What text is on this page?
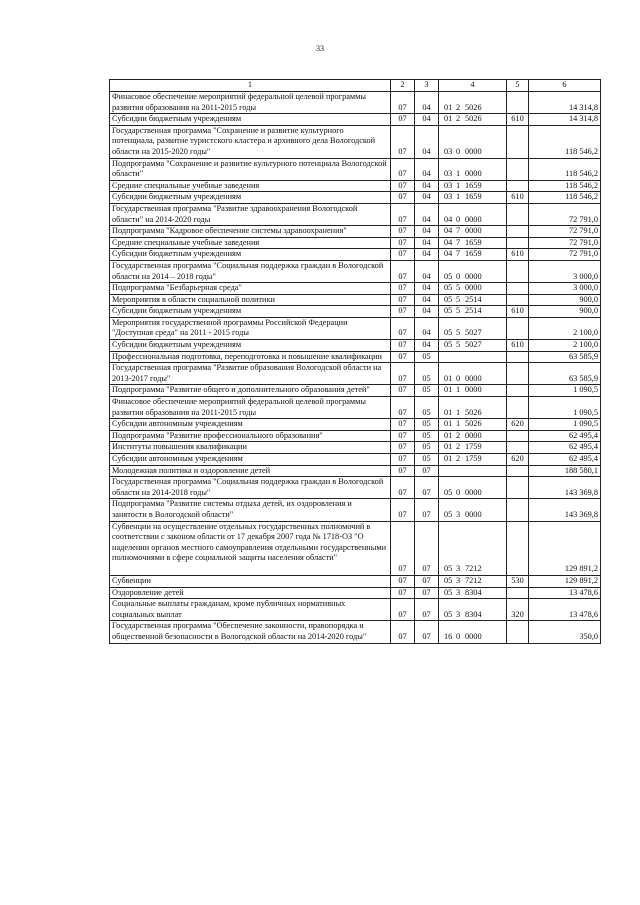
33
1	2	3	4	5	6
Финасовое обеспечение мероприятий федеральной целевой программы развития образования на 2011-2015 годы	07	04	01 2 5026		14 314,8
Субсидии бюджетным учреждениям	07	04	01 2 5026	610	14 314,8
Государственная программа "Сохранение и развитие культурного потенциала, развитие туристского кластера и архивного дела Вологодской области на 2015-2020 годы"	07	04	03 0 0000		118 546,2
Подпрограмма "Сохранение и развитие культурного потенциала Вологодской области"	07	04	03 1 0000		118 546,2
Средние специальные учебные заведения	07	04	03 1 1659		118 546,2
Субсидии бюджетным учреждениям	07	04	03 1 1659	610	118 546,2
Государственная программа "Развитие здравоохранения Вологодской области" на 2014-2020 годы	07	04	04 0 0000		72 791,0
Подпрограмма "Кадровое обеспечение системы здравоохранения"	07	04	04 7 0000		72 791,0
Средние специальные учебные заведения	07	04	04 7 1659		72 791,0
Субсидии бюджетным учреждениям	07	04	04 7 1659	610	72 791,0
Государственная программа "Социальная поддержка граждан в Вологодской области на 2014 – 2018 годы"	07	04	05 0 0000		3 000,0
Подпрограмма "Безбарьерная среда"	07	04	05 5 0000		3 000,0
Мероприятия в области социальной политики	07	04	05 5 2514		900,0
Субсидии бюджетным учреждениям	07	04	05 5 2514	610	900,0
Мероприятия государственной программы Российской Федерации "Доступная среда" на 2011 - 2015 годы	07	04	05 5 5027		2 100,0
Субсидии бюджетным учреждениям	07	04	05 5 5027	610	2 100,0
Профессиональная подготовка, переподготовка и повышение квалификации	07	05			63 585,9
Государственная программа "Развитие образования Вологодской области на 2013-2017 годы"	07	05	01 0 0000		63 585,9
Подпрограмма "Развитие общего и дополнительного образования детей"	07	05	01 1 0000		1 090,5
Финасовое обеспечение мероприятий федеральной целевой программы развития образования на 2011-2015 годы	07	05	01 1 5026		1 090,5
Субсидии автономным учреждениям	07	05	01 1 5026	620	1 090,5
Подпрограмма "Развитие профессионального образования"	07	05	01 2 0000		62 495,4
Институты повышения квалификации	07	05	01 2 1759		62 495,4
Субсидии автономным учреждениям	07	05	01 2 1759	620	62 495,4
Молодежная политика и оздоровление детей	07	07			188 580,1
Государственная программа "Социальная поддержка граждан в Вологодской области на 2014-2018 годы"	07	07	05 0 0000		143 369,8
Подпрограмма "Развитие системы отдыха детей, их оздоровления и занятости в Вологодской области"	07	07	05 3 0000		143 369,8
Субвенции на осуществление отдельных государственных полномочий в соответствии с законом области от 17 декабря 2007 года № 1718-ОЗ "О наделении органов местного самоуправления отдельными государственными полномочиями в сфере социальной защиты населения области"	07	07	05 3 7212		129 891,2
Субвенции	07	07	05 3 7212	530	129 891,2
Оздоровление детей	07	07	05 3 8304		13 478,6
Социальные выплаты гражданам, кроме публичных нормативных социальных выплат	07	07	05 3 8304	320	13 478,6
Государственная программа "Обеспечение законности, правопорядка и общественной безопасности в Вологодской области на 2014-2020 годы"	07	07	16 0 0000		350,0
